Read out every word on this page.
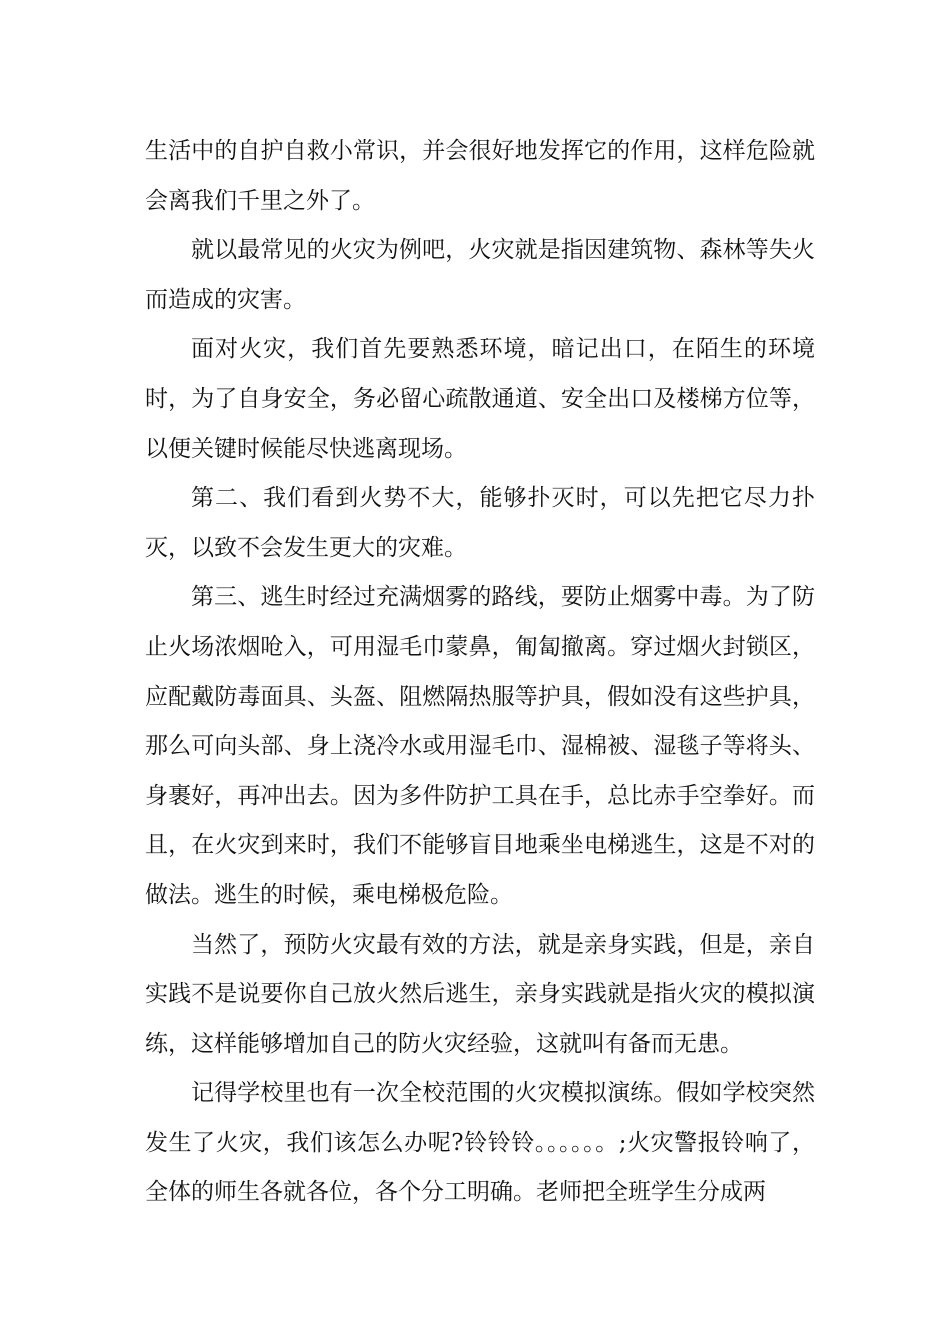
生活中的自护自救小常识，并会很好地发挥它的作用，这样危险就会离我们千里之外了。

就以最常见的火灾为例吧，火灾就是指因建筑物、森林等失火而造成的灾害。

面对火灾，我们首先要熟悉环境，暗记出口，在陌生的环境时，为了自身安全，务必留心疏散通道、安全出口及楼梯方位等，以便关键时候能尽快逃离现场。

第二、我们看到火势不大，能够扑灭时，可以先把它尽力扑灭，以致不会发生更大的灾难。

第三、逃生时经过充满烟雾的路线，要防止烟雾中毒。为了防止火场浓烟呛入，可用湿毛巾蒙鼻，匍匐撤离。穿过烟火封锁区，应配戴防毒面具、头盔、阻燃隔热服等护具，假如没有这些护具，那么可向头部、身上浇冷水或用湿毛巾、湿棉被、湿毯子等将头、身裹好，再冲出去。因为多件防护工具在手，总比赤手空拳好。而且，在火灾到来时，我们不能够盲目地乘坐电梯逃生，这是不对的做法。逃生的时候，乘电梯极危险。

当然了，预防火灾最有效的方法，就是亲身实践，但是，亲自实践不是说要你自己放火然后逃生，亲身实践就是指火灾的模拟演练，这样能够增加自己的防火灾经验，这就叫有备而无患。

记得学校里也有一次全校范围的火灾模拟演练。假如学校突然发生了火灾，我们该怎么办呢?铃铃铃。。。。。。;火灾警报铃响了，全体的师生各就各位，各个分工明确。老师把全班学生分成两
